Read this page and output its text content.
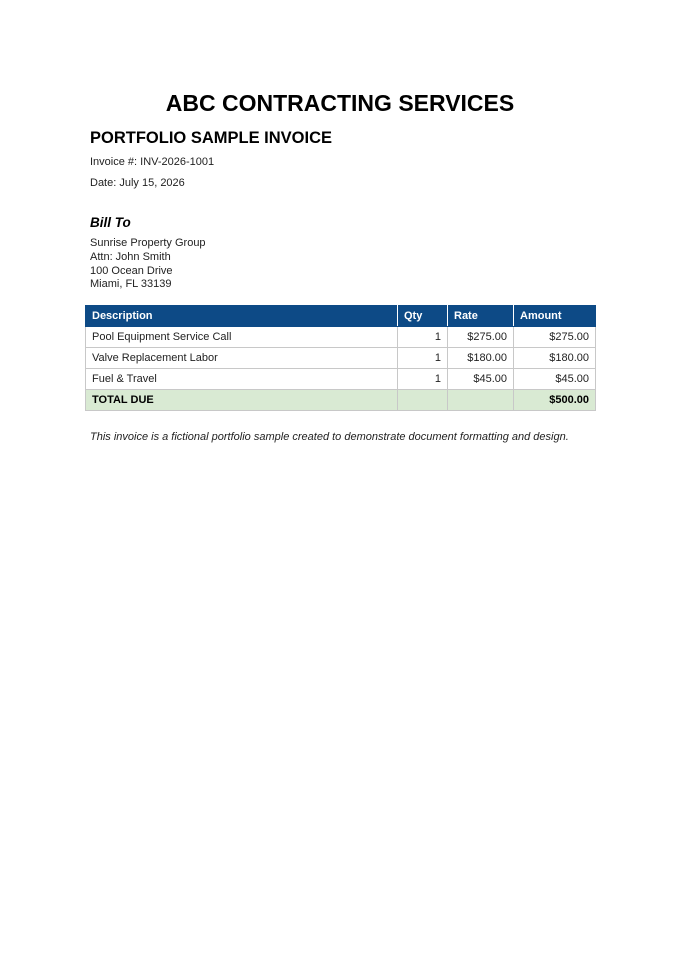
ABC CONTRACTING SERVICES
PORTFOLIO SAMPLE INVOICE
Invoice #: INV-2026-1001
Date: July 15, 2026
Bill To
Sunrise Property Group
Attn: John Smith
100 Ocean Drive
Miami, FL 33139
Description	Qty	Rate	Amount
Pool Equipment Service Call	1	$275.00	$275.00
Valve Replacement Labor	1	$180.00	$180.00
Fuel & Travel	1	$45.00	$45.00
TOTAL DUE			$500.00
This invoice is a fictional portfolio sample created to demonstrate document formatting and design.
